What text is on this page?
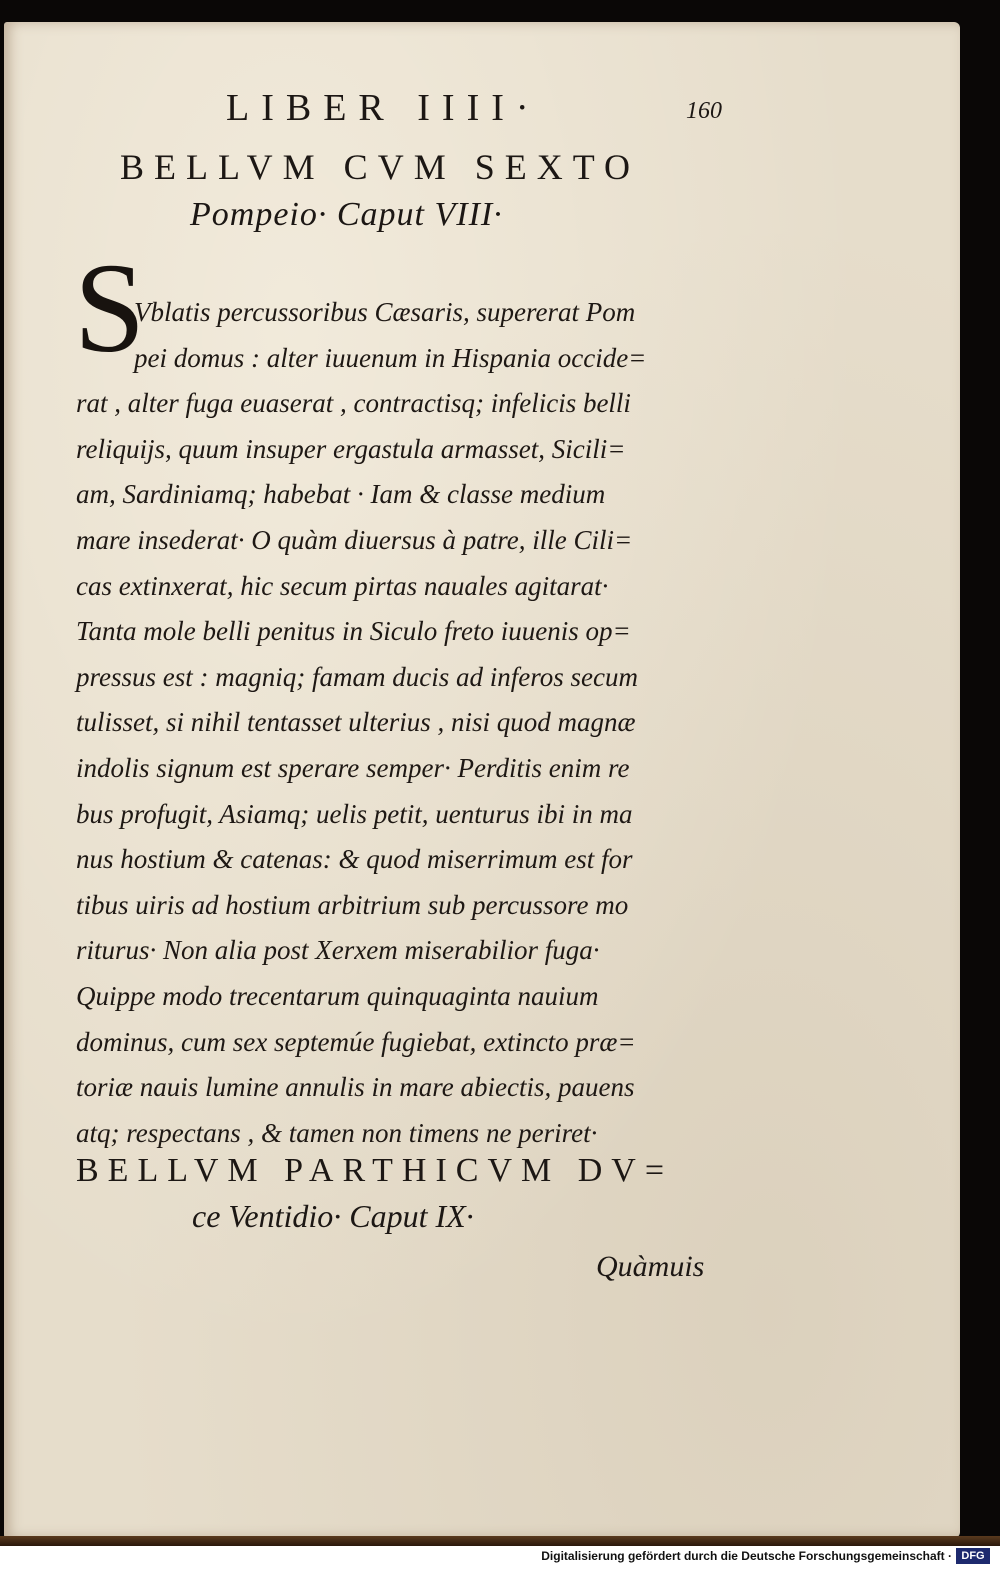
LIBER IIII·	160
BELLVM CVM SEXTO
Pompeio· Caput VIII·
S
Vblatis percussoribus Cæsaris, supererat Pom
pei domus : alter iuuenum in Hispania occide=
rat , alter fuga euaserat , contractisq; infelicis belli
reliquijs, quum insuper ergastula armasset, Sicili=
am, Sardiniamq; habebat · Iam & classe medium
mare insederat· O quàm diuersus à patre, ille Cili=
cas extinxerat, hic secum pirtas nauales agitarat·
Tanta mole belli penitus in Siculo freto iuuenis op=
pressus est : magniq; famam ducis ad inferos secum
tulisset, si nihil tentasset ulterius , nisi quod magnæ
indolis signum est sperare semper· Perditis enim re
bus profugit, Asiamq; uelis petit, uenturus ibi in ma
nus hostium & catenas: & quod miserrimum est for
tibus uiris ad hostium arbitrium sub percussore mo
riturus· Non alia post Xerxem miserabilior fuga·
Quippe modo trecentarum quinquaginta nauium
dominus, cum sex septemúe fugiebat, extincto præ=
toriæ nauis lumine annulis in mare abiectis, pauens
atq; respectans , & tamen non timens ne periret·
BELLVM PARTHICVM DV=
ce Ventidio· Caput IX·
Quàmuis
Digitalisierung gefördert durch die Deutsche Forschungsgemeinschaft · DFG
